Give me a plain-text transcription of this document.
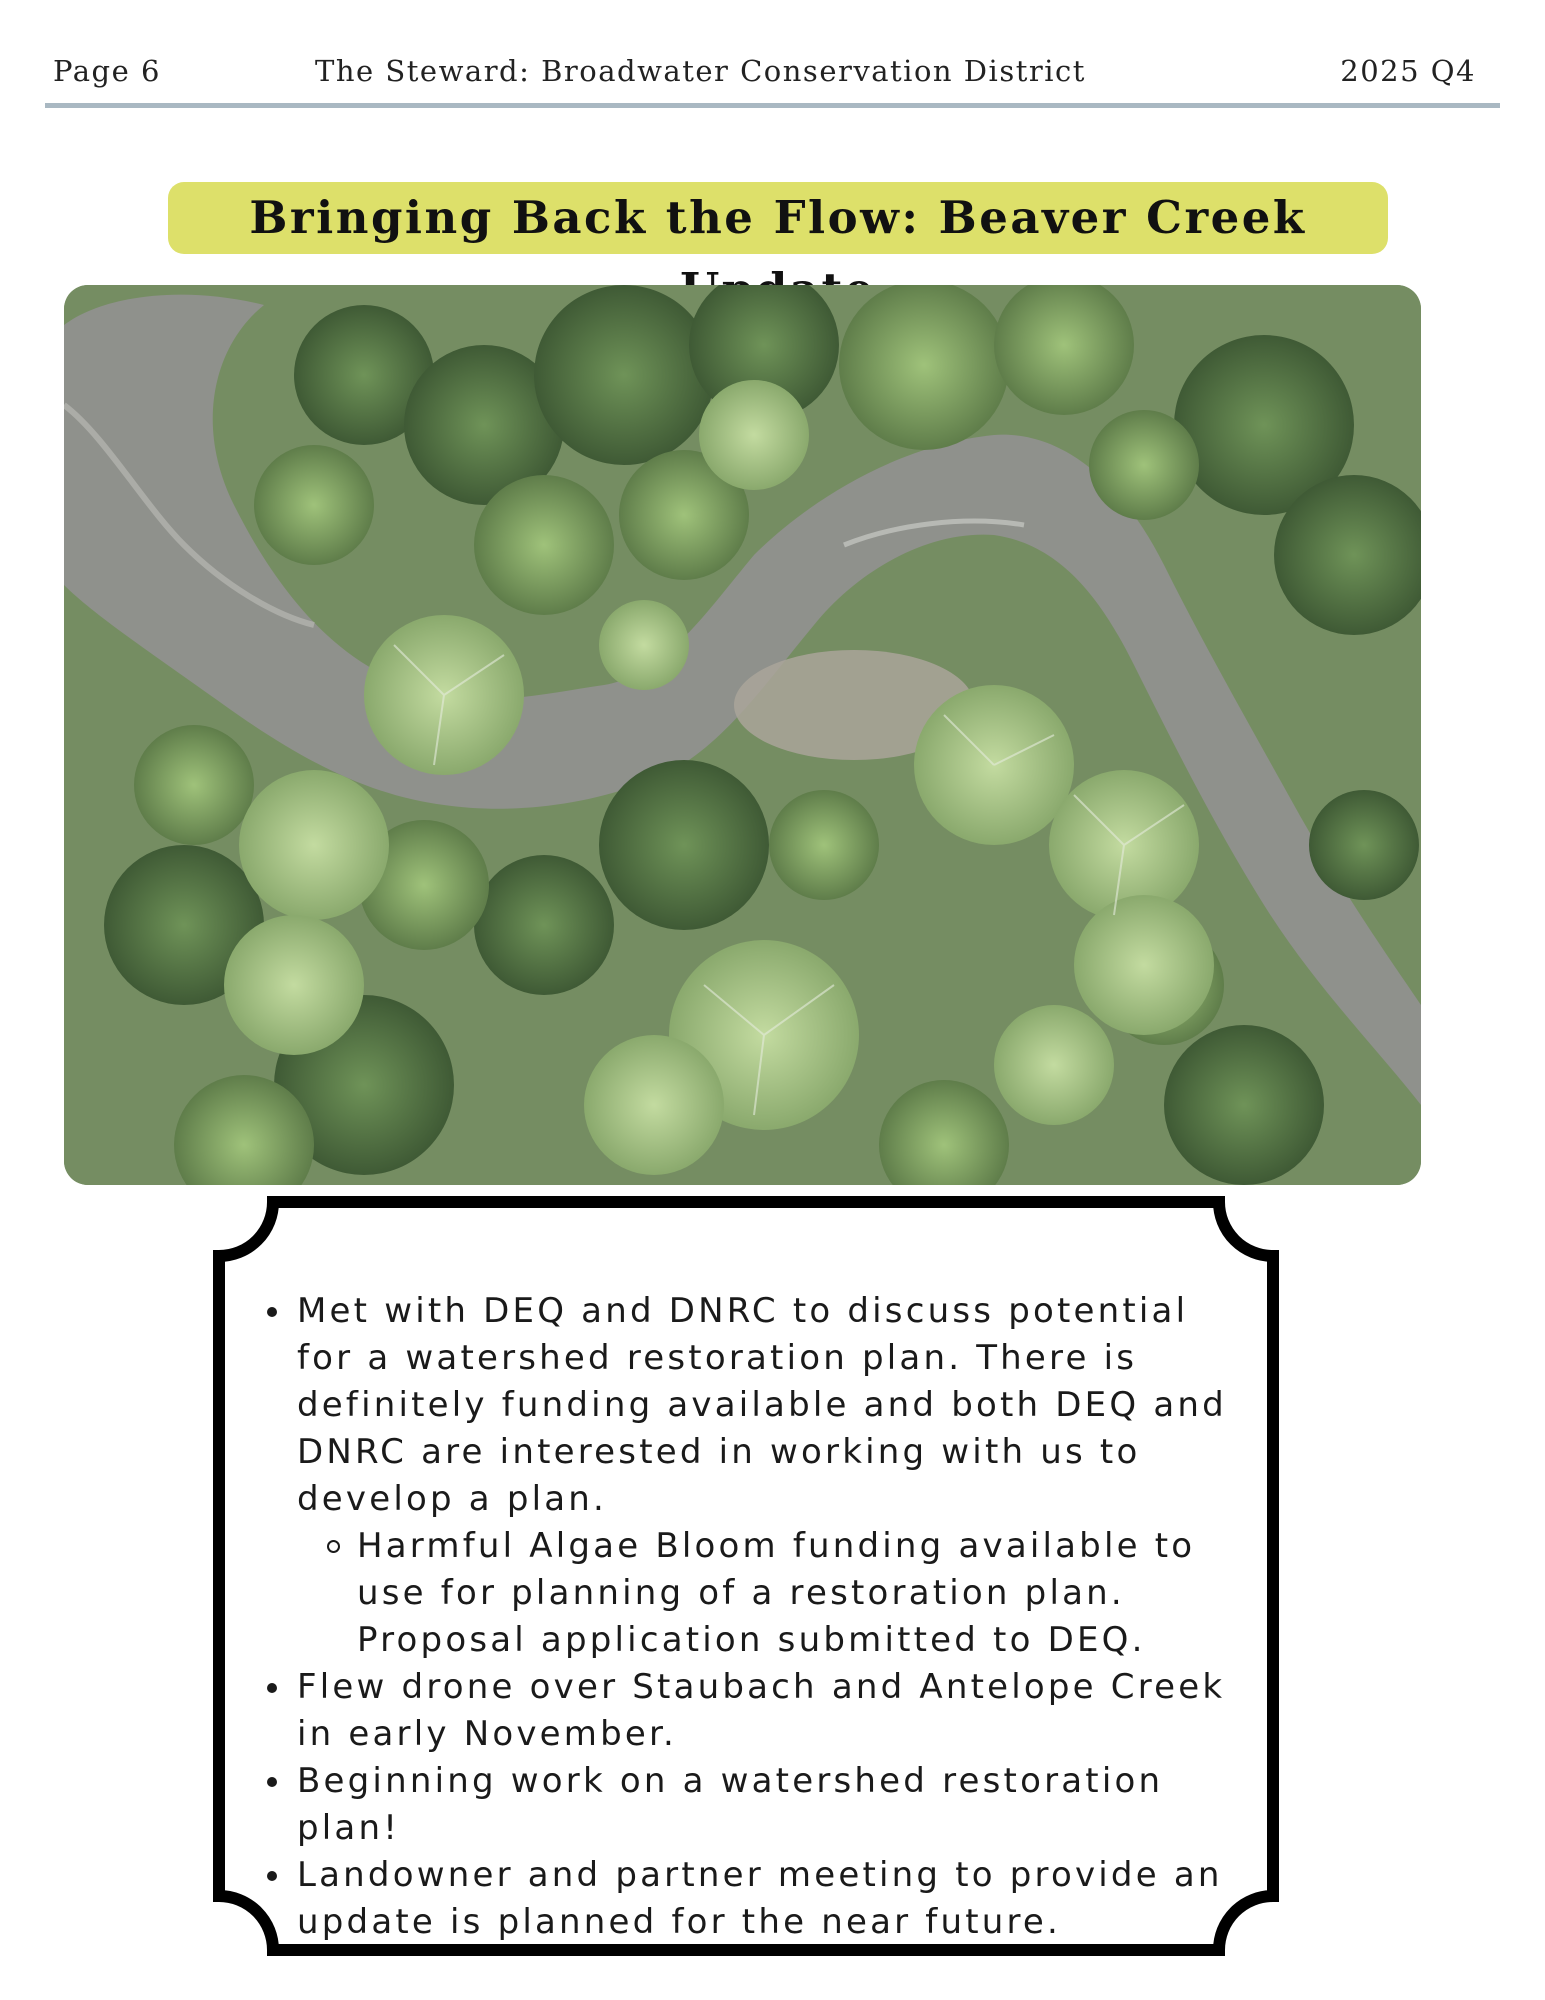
Page 6	The Steward: Broadwater Conservation District	2025 Q4
Bringing Back the Flow: Beaver Creek
Met with DEQ and DNRC to discuss potential for a watershed restoration plan. There is definitely funding available and both DEQ and DNRC are interested in working with us to develop a plan.
Harmful Algae Bloom funding available to use for planning of a restoration plan. Proposal application submitted to DEQ.
Flew drone over Staubach and Antelope Creek in early November.
Beginning work on a watershed restoration plan!
Landowner and partner meeting to provide an update is planned for the near future.
